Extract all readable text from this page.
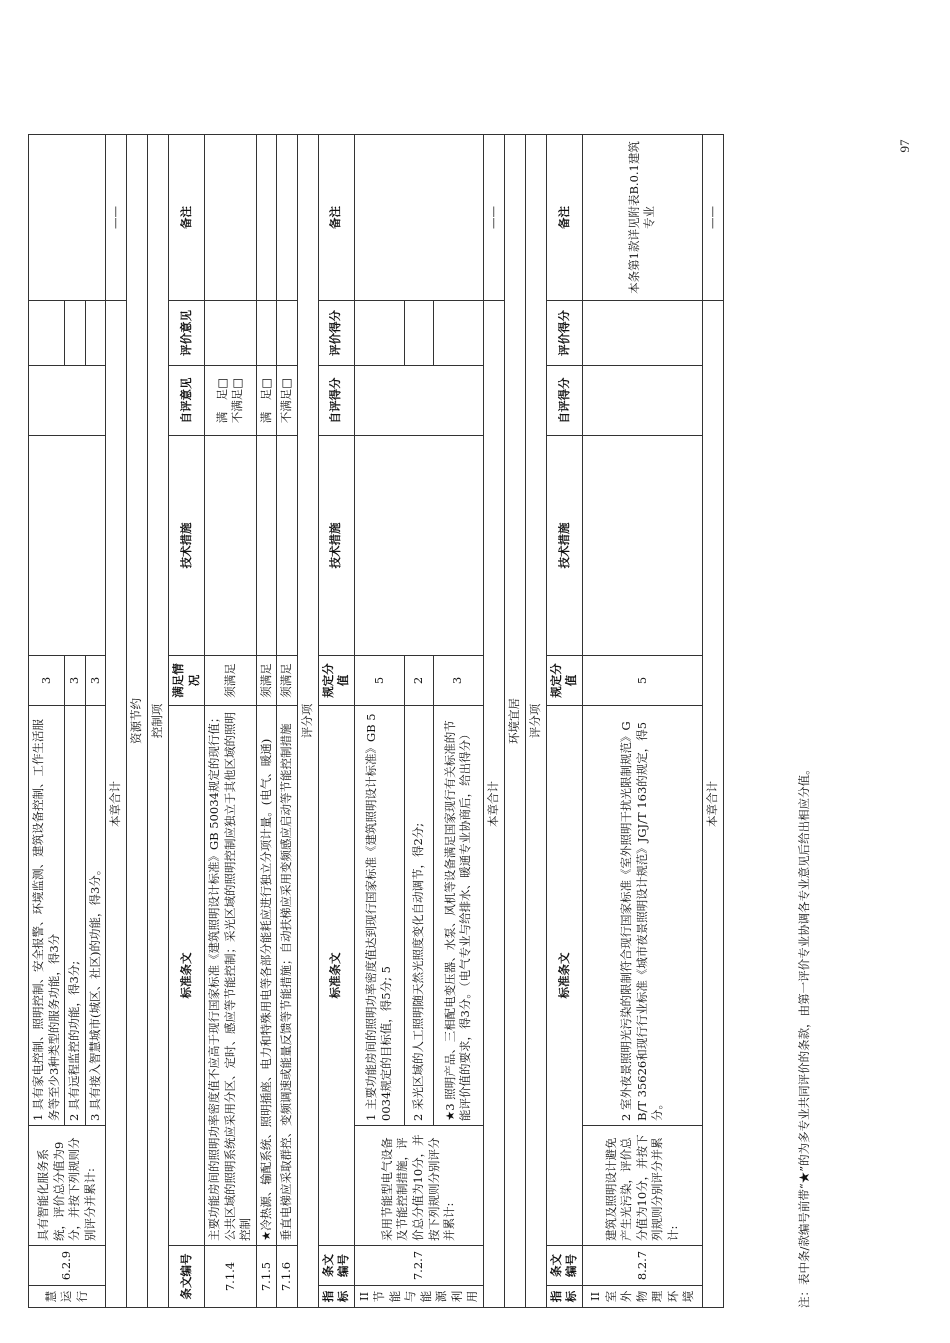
97
慧运行	6.2.9	具有智能化服务系统，评价总分值为9分，并按下列规则分别评分并累计:	1 具有家电控制、照明控制、安全报警、环境监测、建筑设备控制、工作生活服务等至少3种类型的服务功能，得3分	3				
			2 具有远程监控的功能，得3分;	3				
			3 具有接入智慧城市(城区、社区)的功能，得3分。	3				
本章合计								——
资源节约								
控制项								
条文编号		标准条文		满足情况	技术措施	自评意见	评价意见	备注
7.1.4		主要功能房间的照明功率密度值不应高于现行国家标准《建筑照明设计标准》GB 50034规定的现行值；公共区域的照明系统应采用分区、定时、感应等节能控制；采光区域的照明控制应独立于其他区域的照明控制		须满足		满　足□ 不满足□		
7.1.5		★冷热源、输配系统、照明插座、电力和特殊用电等各部分能耗应进行独立分项计量。(电气、暖通)		须满足		满　足□		
7.1.6		垂直电梯应采取群控、变频调速或能量反馈等节能措施；自动扶梯应采用变频感应启动等节能控制措施		须满足		不满足□		
评分项								
指标	条文编号	标准条文		规定分值	技术措施	自评得分	评价得分	备注
II节能与能源利用	7.2.7	采用节能型电气设备及节能控制措施，评价总分值为10分，并按下列规则分别评分并累计:	1 主要功能房间的照明功率密度值达到现行国家标准《建筑照明设计标准》GB 50034规定的目标值，得5分; 5	5				
			2 采光区域的人工照明随天然光照度变化自动调节，得2分;	2				
			★3 照明产品、三相配电变压器、水泵、风机等设备满足国家现行有关标准的节能评价值的要求，得3分。（电气专业与给排水、暖通专业协商后，给出得分）	3				
本章合计								——
环境宜居								
评分项								
指标	条文编号	标准条文		规定分值	技术措施	自评得分	评价得分	备注
II室外物理环境	8.2.7	建筑及照明设计避免产生光污染，评价总分值为10分，并按下列规则分别评分并累计:	2 室外夜景照明光污染的限制符合现行国家标准《室外照明干扰光限制规范》GB/T 35626和现行行业标准《城市夜景照明设计规范》JGJ/T 163的规定，得5分。	5				本条第1款详见附表B.0.1建筑专业
本章合计								——
注：表中条/款编号前带“★”的为多专业共同评价的条款，由第一评价专业协调各专业意见后给出相应分值。
